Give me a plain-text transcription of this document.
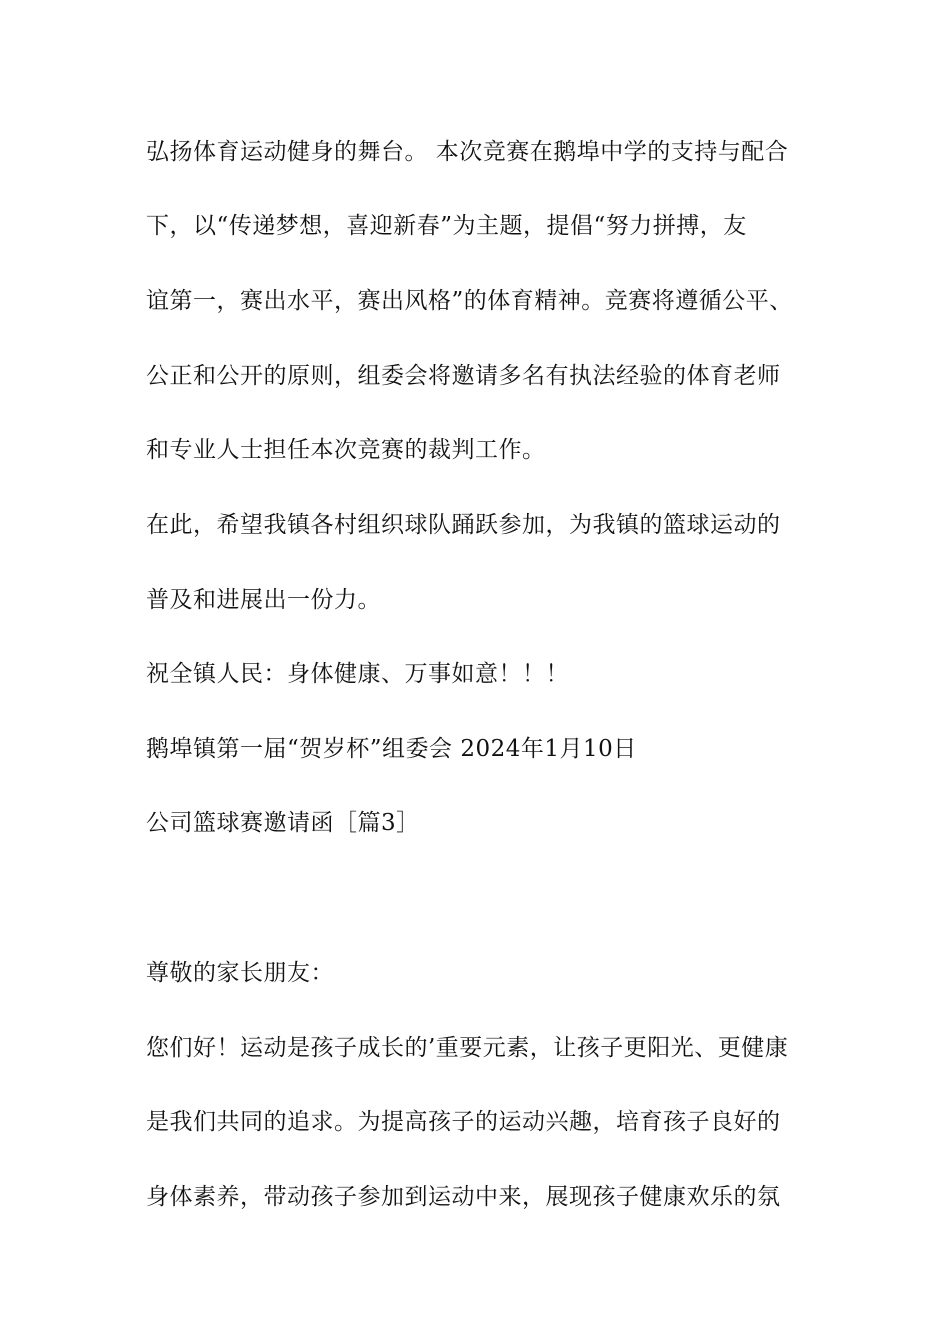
弘扬体育运动健身的舞台。 本次竞赛在鹅埠中学的支持与配合

下，以“传递梦想，喜迎新春”为主题，提倡“努力拼搏，友

谊第一，赛出水平，赛出风格”的体育精神。竞赛将遵循公平、

公正和公开的原则，组委会将邀请多名有执法经验的体育老师

和专业人士担任本次竞赛的裁判工作。

在此，希望我镇各村组织球队踊跃参加，为我镇的篮球运动的

普及和进展出一份力。

祝全镇人民：身体健康、万事如意！！！

鹅埠镇第一届“贺岁杯”组委会 2024年1月10日

公司篮球赛邀请函［篇3］

尊敬的家长朋友：

您们好！运动是孩子成长的’重要元素，让孩子更阳光、更健康

是我们共同的追求。为提高孩子的运动兴趣，培育孩子良好的

身体素养，带动孩子参加到运动中来，展现孩子健康欢乐的氛
